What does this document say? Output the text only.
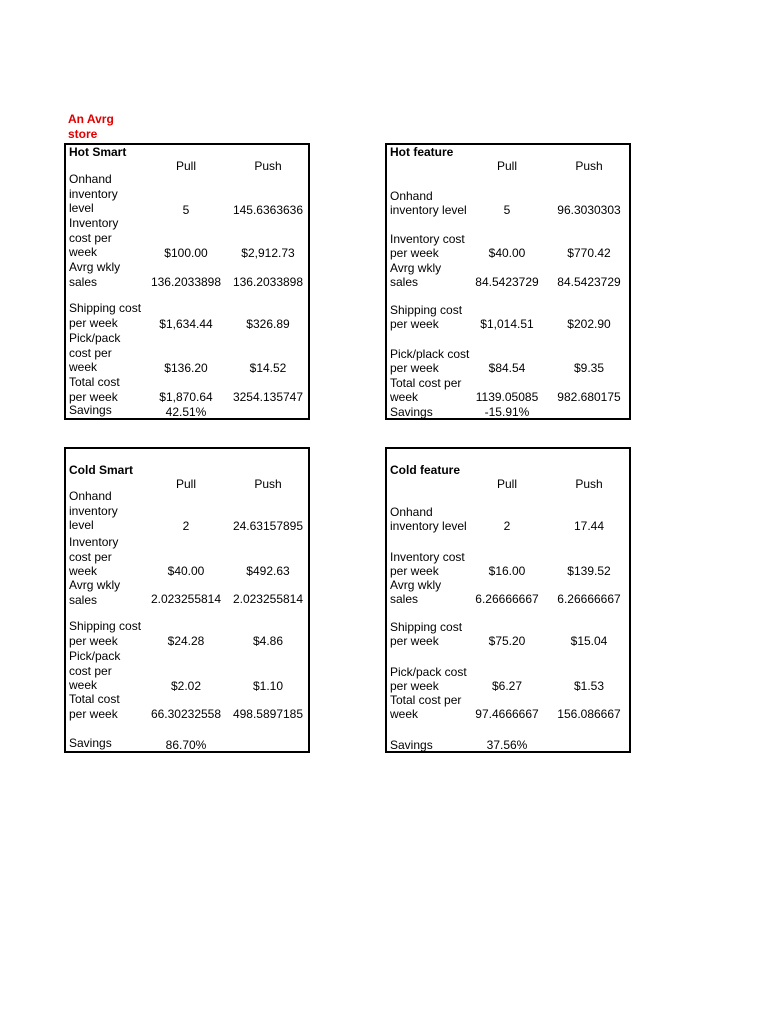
An Avrg
store
Hot Smart
Pull	Push
Onhand
inventory
level	5	145.6363636
Inventory
cost per
week	$100.00	$2,912.73
Avrg wkly
sales	136.2033898 136.2033898
Shipping cost
per week	$1,634.44	$326.89
Pick/pack
cost per
week	$136.20	$14.52
Total cost
per week	$1,870.64	3254.135747
Savings	42.51%
Hot feature
Pull	Push
Onhand
inventory level	5	96.3030303
Inventory cost
per week	$40.00	$770.42
Avrg wkly
sales	84.5423729	84.5423729
Shipping cost
per week	$1,014.51	$202.90
Pick/plack cost
per week	$84.54	$9.35
Total cost per
week	1139.05085	982.680175
Savings	-15.91%
Cold Smart
Pull	Push
Onhand
inventory
level	2	24.63157895
Inventory
cost per
week	$40.00	$492.63
Avrg wkly
sales	2.023255814 2.023255814
Shipping cost
per week	$24.28	$4.86
Pick/pack
cost per
week	$2.02	$1.10
Total cost
per week	66.30232558 498.5897185
Savings	86.70%
Cold feature
Pull	Push
Onhand
inventory level	2	17.44
Inventory cost
per week	$16.00	$139.52
Avrg wkly
sales	6.26666667	6.26666667
Shipping cost
per week	$75.20	$15.04
Pick/pack cost
per week	$6.27	$1.53
Total cost per
week	97.4666667	156.086667
Savings	37.56%
